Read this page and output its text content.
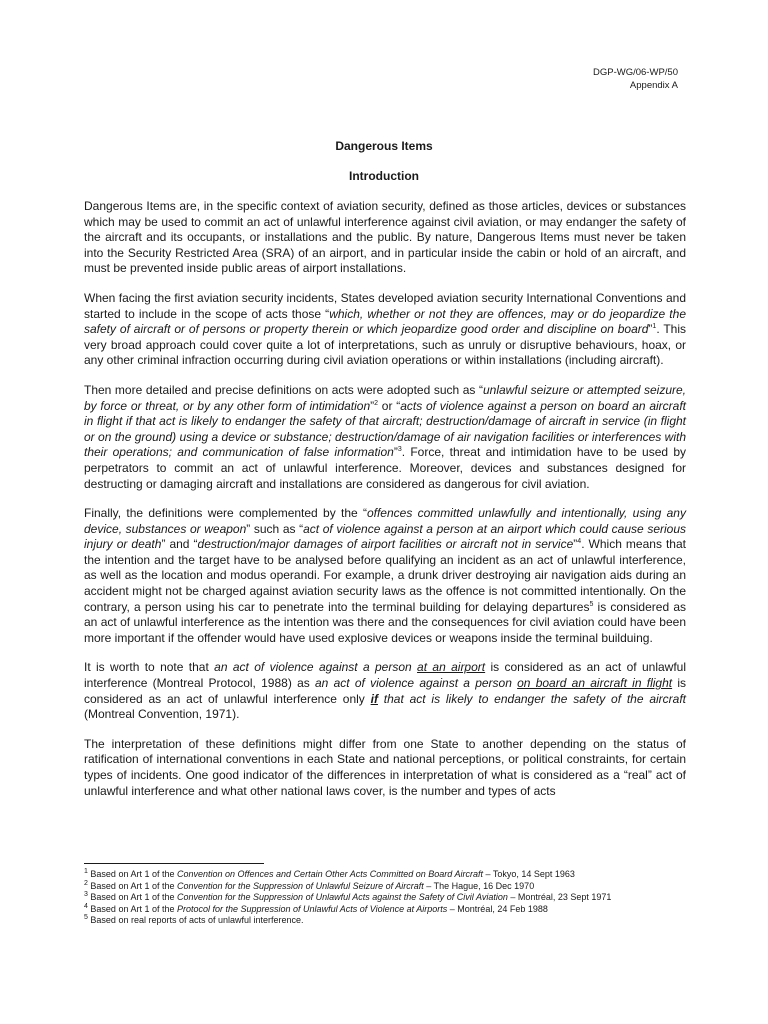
DGP-WG/06-WP/50
Appendix A
Dangerous Items
Introduction

Dangerous Items are, in the specific context of aviation security, defined as those articles, devices or substances which may be used to commit an act of unlawful interference against civil aviation, or may endanger the safety of the aircraft and its occupants, or installations and the public. By nature, Dangerous Items must never be taken into the Security Restricted Area (SRA) of an airport, and in particular inside the cabin or hold of an aircraft, and must be prevented inside public areas of airport installations.

When facing the first aviation security incidents, States developed aviation security International Conventions and started to include in the scope of acts those “which, whether or not they are offences, may or do jeopardize the safety of aircraft or of persons or property therein or which jeopardize good order and discipline on board”$^1$. This very broad approach could cover quite a lot of interpretations, such as unruly or disruptive behaviours, hoax, or any other criminal infraction occurring during civil aviation operations or within installations (including aircraft).

Then more detailed and precise definitions on acts were adopted such as “unlawful seizure or attempted seizure, by force or threat, or by any other form of intimidation”$^2$ or “acts of violence against a person on board an aircraft in flight if that act is likely to endanger the safety of that aircraft; destruction/damage of aircraft in service (in flight or on the ground) using a device or substance; destruction/damage of air navigation facilities or interferences with their operations; and communication of false information”$^3$. Force, threat and intimidation have to be used by perpetrators to commit an act of unlawful interference. Moreover, devices and substances designed for destructing or damaging aircraft and installations are considered as dangerous for civil aviation.

Finally, the definitions were complemented by the “offences committed unlawfully and intentionally, using any device, substances or weapon” such as “act of violence against a person at an airport which could cause serious injury or death” and “destruction/major damages of airport facilities or aircraft not in service”$^4$. Which means that the intention and the target have to be analysed before qualifying an incident as an act of unlawful interference, as well as the location and modus operandi. For example, a drunk driver destroying air navigation aids during an accident might not be charged against aviation security laws as the offence is not committed intentionally. On the contrary, a person using his car to penetrate into the terminal building for delaying departures$^5$ is considered as an act of unlawful interference as the intention was there and the consequences for civil aviation could have been more important if the offender would have used explosive devices or weapons inside the terminal builduing.

It is worth to note that an act of violence against a person at an airport is considered as an act of unlawful interference (Montreal Protocol, 1988) as an act of violence against a person on board an aircraft in flight is considered as an act of unlawful interference only if that act is likely to endanger the safety of the aircraft (Montreal Convention, 1971).

The interpretation of these definitions might differ from one State to another depending on the status of ratification of international conventions in each State and national perceptions, or political constraints, for certain types of incidents. One good indicator of the differences in interpretation of what is considered as a “real” act of unlawful interference and what other national laws cover, is the number and types of acts

$^1$ Based on Art 1 of the Convention on Offences and Certain Other Acts Committed on Board Aircraft – Tokyo, 14 Sept 1963
$^2$ Based on Art 1 of the Convention for the Suppression of Unlawful Seizure of Aircraft – The Hague, 16 Dec 1970
$^3$ Based on Art 1 of the Convention for the Suppression of Unlawful Acts against the Safety of Civil Aviation – Montréal, 23 Sept 1971
$^4$ Based on Art 1 of the Protocol for the Suppression of Unlawful Acts of Violence at Airports – Montréal, 24 Feb 1988
$^5$ Based on real reports of acts of unlawful interference.
